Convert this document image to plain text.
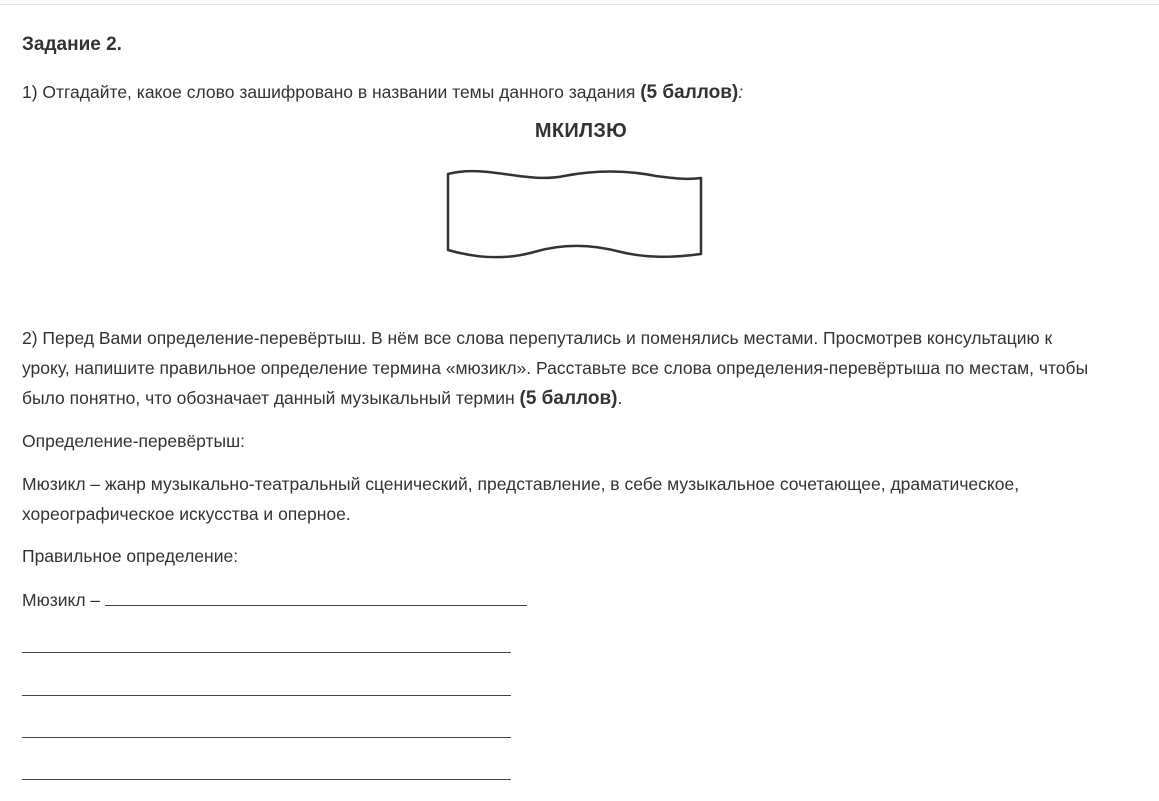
Задание 2.
1) Отгадайте, какое слово зашифровано в названии темы данного задания (5 баллов):
МКИЛЗЮ
2) Перед Вами определение-перевёртыш. В нём все слова перепутались и поменялись местами. Просмотрев консультацию к
уроку, напишите правильное определение термина «мюзикл». Расставьте все слова определения-перевёртыша по местам, чтобы
было понятно, что обозначает данный музыкальный термин (5 баллов).
Определение-перевёртыш:
Мюзикл – жанр музыкально-театральный сценический, представление, в себе музыкальное сочетающее, драматическое,
хореографическое искусства и оперное.
Правильное определение:
Мюзикл –
